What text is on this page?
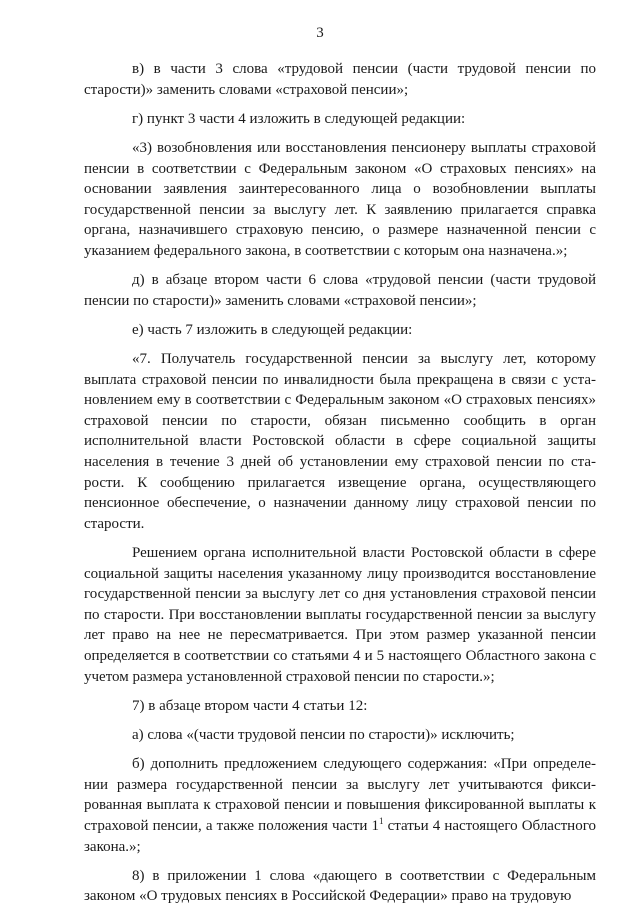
3

в) в части 3 слова «трудовой пенсии (части трудовой пенсии по старости)» заменить словами «страховой пенсии»;

г) пункт 3 части 4 изложить в следующей редакции:

«3) возобновления или восстановления пенсионеру выплаты страховой пенсии в соответствии с Федеральным законом «О страховых пенсиях» на основании заявления заинтересованного лица о возобновлении выплаты государственной пенсии за выслугу лет. К заявлению прилагается справка органа, назначившего страховую пенсию, о размере назначенной пенсии с указанием федерального закона, в соответствии с которым она назначена.»;

д) в абзаце втором части 6 слова «трудовой пенсии (части трудовой пенсии по старости)» заменить словами «страховой пенсии»;

е) часть 7 изложить в следующей редакции:

«7. Получатель государственной пенсии за выслугу лет, которому выплата страховой пенсии по инвалидности была прекращена в связи с установлением ему в соответствии с Федеральным законом «О страховых пенсиях» страховой пенсии по старости, обязан письменно сообщить в орган исполнительной власти Ростовской области в сфере социальной защиты населения в течение 3 дней об установлении ему страховой пенсии по старости. К сообщению прилагается извещение органа, осуществляющего пенсионное обеспечение, о назначении данному лицу страховой пенсии по старости.

Решением органа исполнительной власти Ростовской области в сфере социальной защиты населения указанному лицу производится восстановление государственной пенсии за выслугу лет со дня установления страховой пенсии по старости. При восстановлении выплаты государственной пенсии за выслугу лет право на нее не пересматривается. При этом размер указанной пенсии определяется в соответствии со статьями 4 и 5 настоящего Областного закона с учетом размера установленной страховой пенсии по старости.»;

7) в абзаце втором части 4 статьи 12:

а) слова «(части трудовой пенсии по старости)» исключить;

б) дополнить предложением следующего содержания: «При определении размера государственной пенсии за выслугу лет учитываются фиксированная выплата к страховой пенсии и повышения фиксированной выплаты к страховой пенсии, а также положения части $1^1$ статьи 4 настоящего Областного закона.»;

8) в приложении 1 слова «дающего в соответствии с Федеральным законом «О трудовых пенсиях в Российской Федерации» право на трудовую
